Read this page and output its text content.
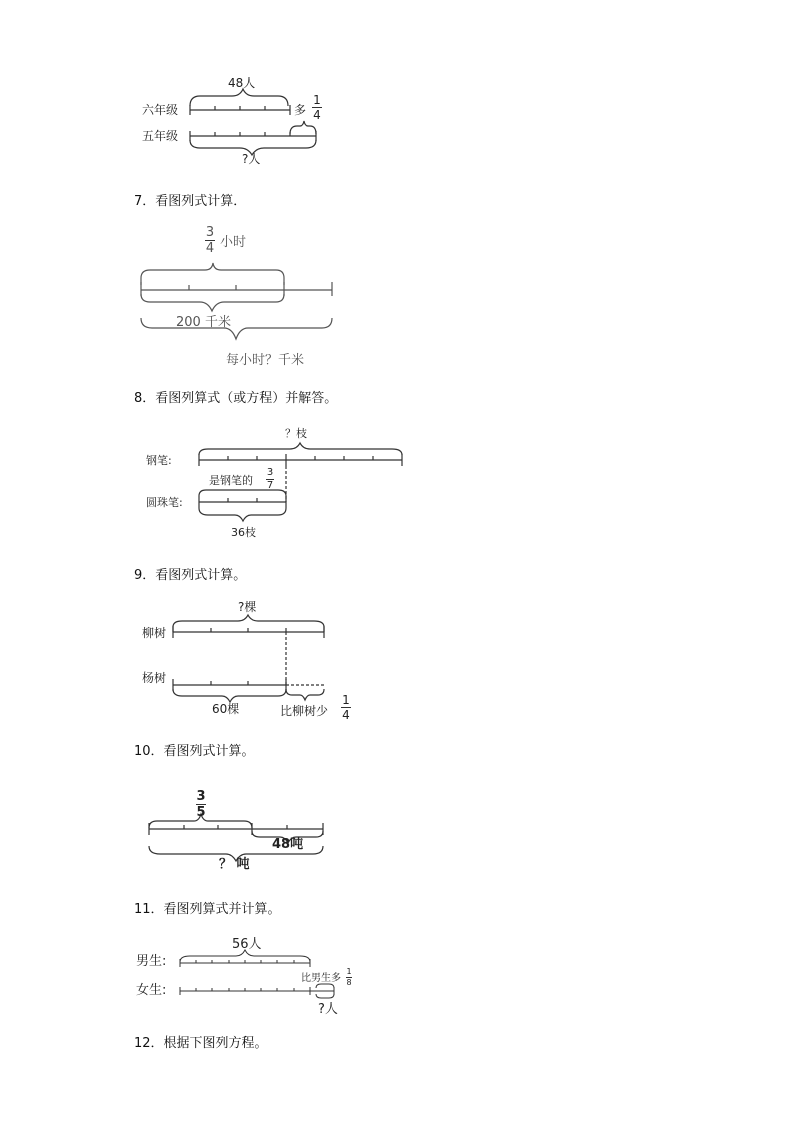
48人
六年级
五年级
多
1
4
?人
7．看图列式计算．
3
4 小时
200 千米
每小时？千米
8．看图列算式（或方程）并解答。
？枝
钢笔:
是钢笔的
3
7
圆珠笔:
36枝
9．看图列式计算。
?棵
柳树
杨树
60棵	比柳树少
1
4
10．看图列式计算。
3
5
48吨
？ 吨
11．看图列算式并计算。
56人
男生:
女生:
比男生多
1
8
?人
12．根据下图列方程。
